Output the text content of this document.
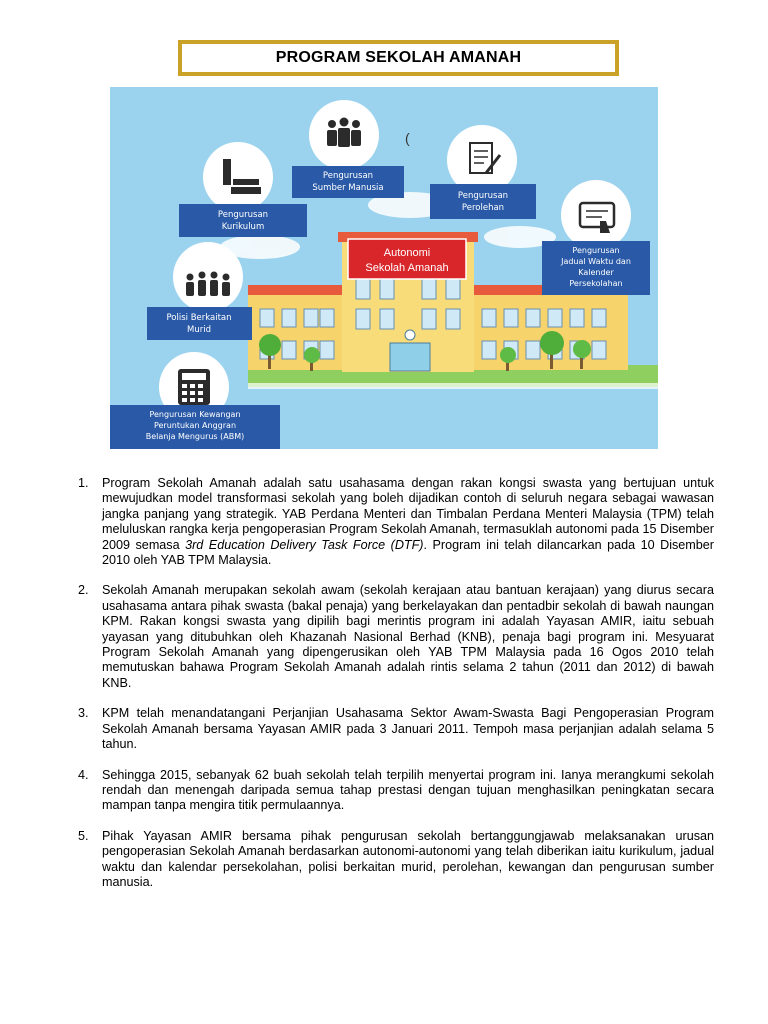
PROGRAM SEKOLAH AMANAH
Autonomi
Sekolah Amanah
(
Pengurusan
Sumber Manusia
Pengurusan
Kurikulum
Pengurusan
Perolehan
Pengurusan
Jadual Waktu dan
Kalender
Persekolahan
Polisi Berkaitan
Murid
Pengurusan Kewangan
Peruntukan Anggran
Belanja Mengurus (ABM)
1. Program Sekolah Amanah adalah satu usahasama dengan rakan kongsi swasta yang bertujuan untuk mewujudkan model transformasi sekolah yang boleh dijadikan contoh di seluruh negara sebagai wawasan jangka panjang yang strategik. YAB Perdana Menteri dan Timbalan Perdana Menteri Malaysia (TPM) telah meluluskan rangka kerja pengoperasian Program Sekolah Amanah, termasuklah autonomi pada 15 Disember 2009 semasa 3rd Education Delivery Task Force (DTF). Program ini telah dilancarkan pada 10 Disember 2010 oleh YAB TPM Malaysia.
2. Sekolah Amanah merupakan sekolah awam (sekolah kerajaan atau bantuan kerajaan) yang diurus secara usahasama antara pihak swasta (bakal penaja) yang berkelayakan dan pentadbir sekolah di bawah naungan KPM. Rakan kongsi swasta yang dipilih bagi merintis program ini adalah Yayasan AMIR, iaitu sebuah yayasan yang ditubuhkan oleh Khazanah Nasional Berhad (KNB), penaja bagi program ini. Mesyuarat Program Sekolah Amanah yang dipengerusikan oleh YAB TPM Malaysia pada 16 Ogos 2010 telah memutuskan bahawa Program Sekolah Amanah adalah rintis selama 2 tahun (2011 dan 2012) di bawah KNB.
3. KPM telah menandatangani Perjanjian Usahasama Sektor Awam-Swasta Bagi Pengoperasian Program Sekolah Amanah bersama Yayasan AMIR pada 3 Januari 2011. Tempoh masa perjanjian adalah selama 5 tahun.
4. Sehingga 2015, sebanyak 62 buah sekolah telah terpilih menyertai program ini. Ianya merangkumi sekolah rendah dan menengah daripada semua tahap prestasi dengan tujuan menghasilkan peningkatan secara mampan tanpa mengira titik permulaannya.
5. Pihak Yayasan AMIR bersama pihak pengurusan sekolah bertanggungjawab melaksanakan urusan pengoperasian Sekolah Amanah berdasarkan autonomi-autonomi yang telah diberikan iaitu kurikulum, jadual waktu dan kalendar persekolahan, polisi berkaitan murid, perolehan, kewangan dan pengurusan sumber manusia.
